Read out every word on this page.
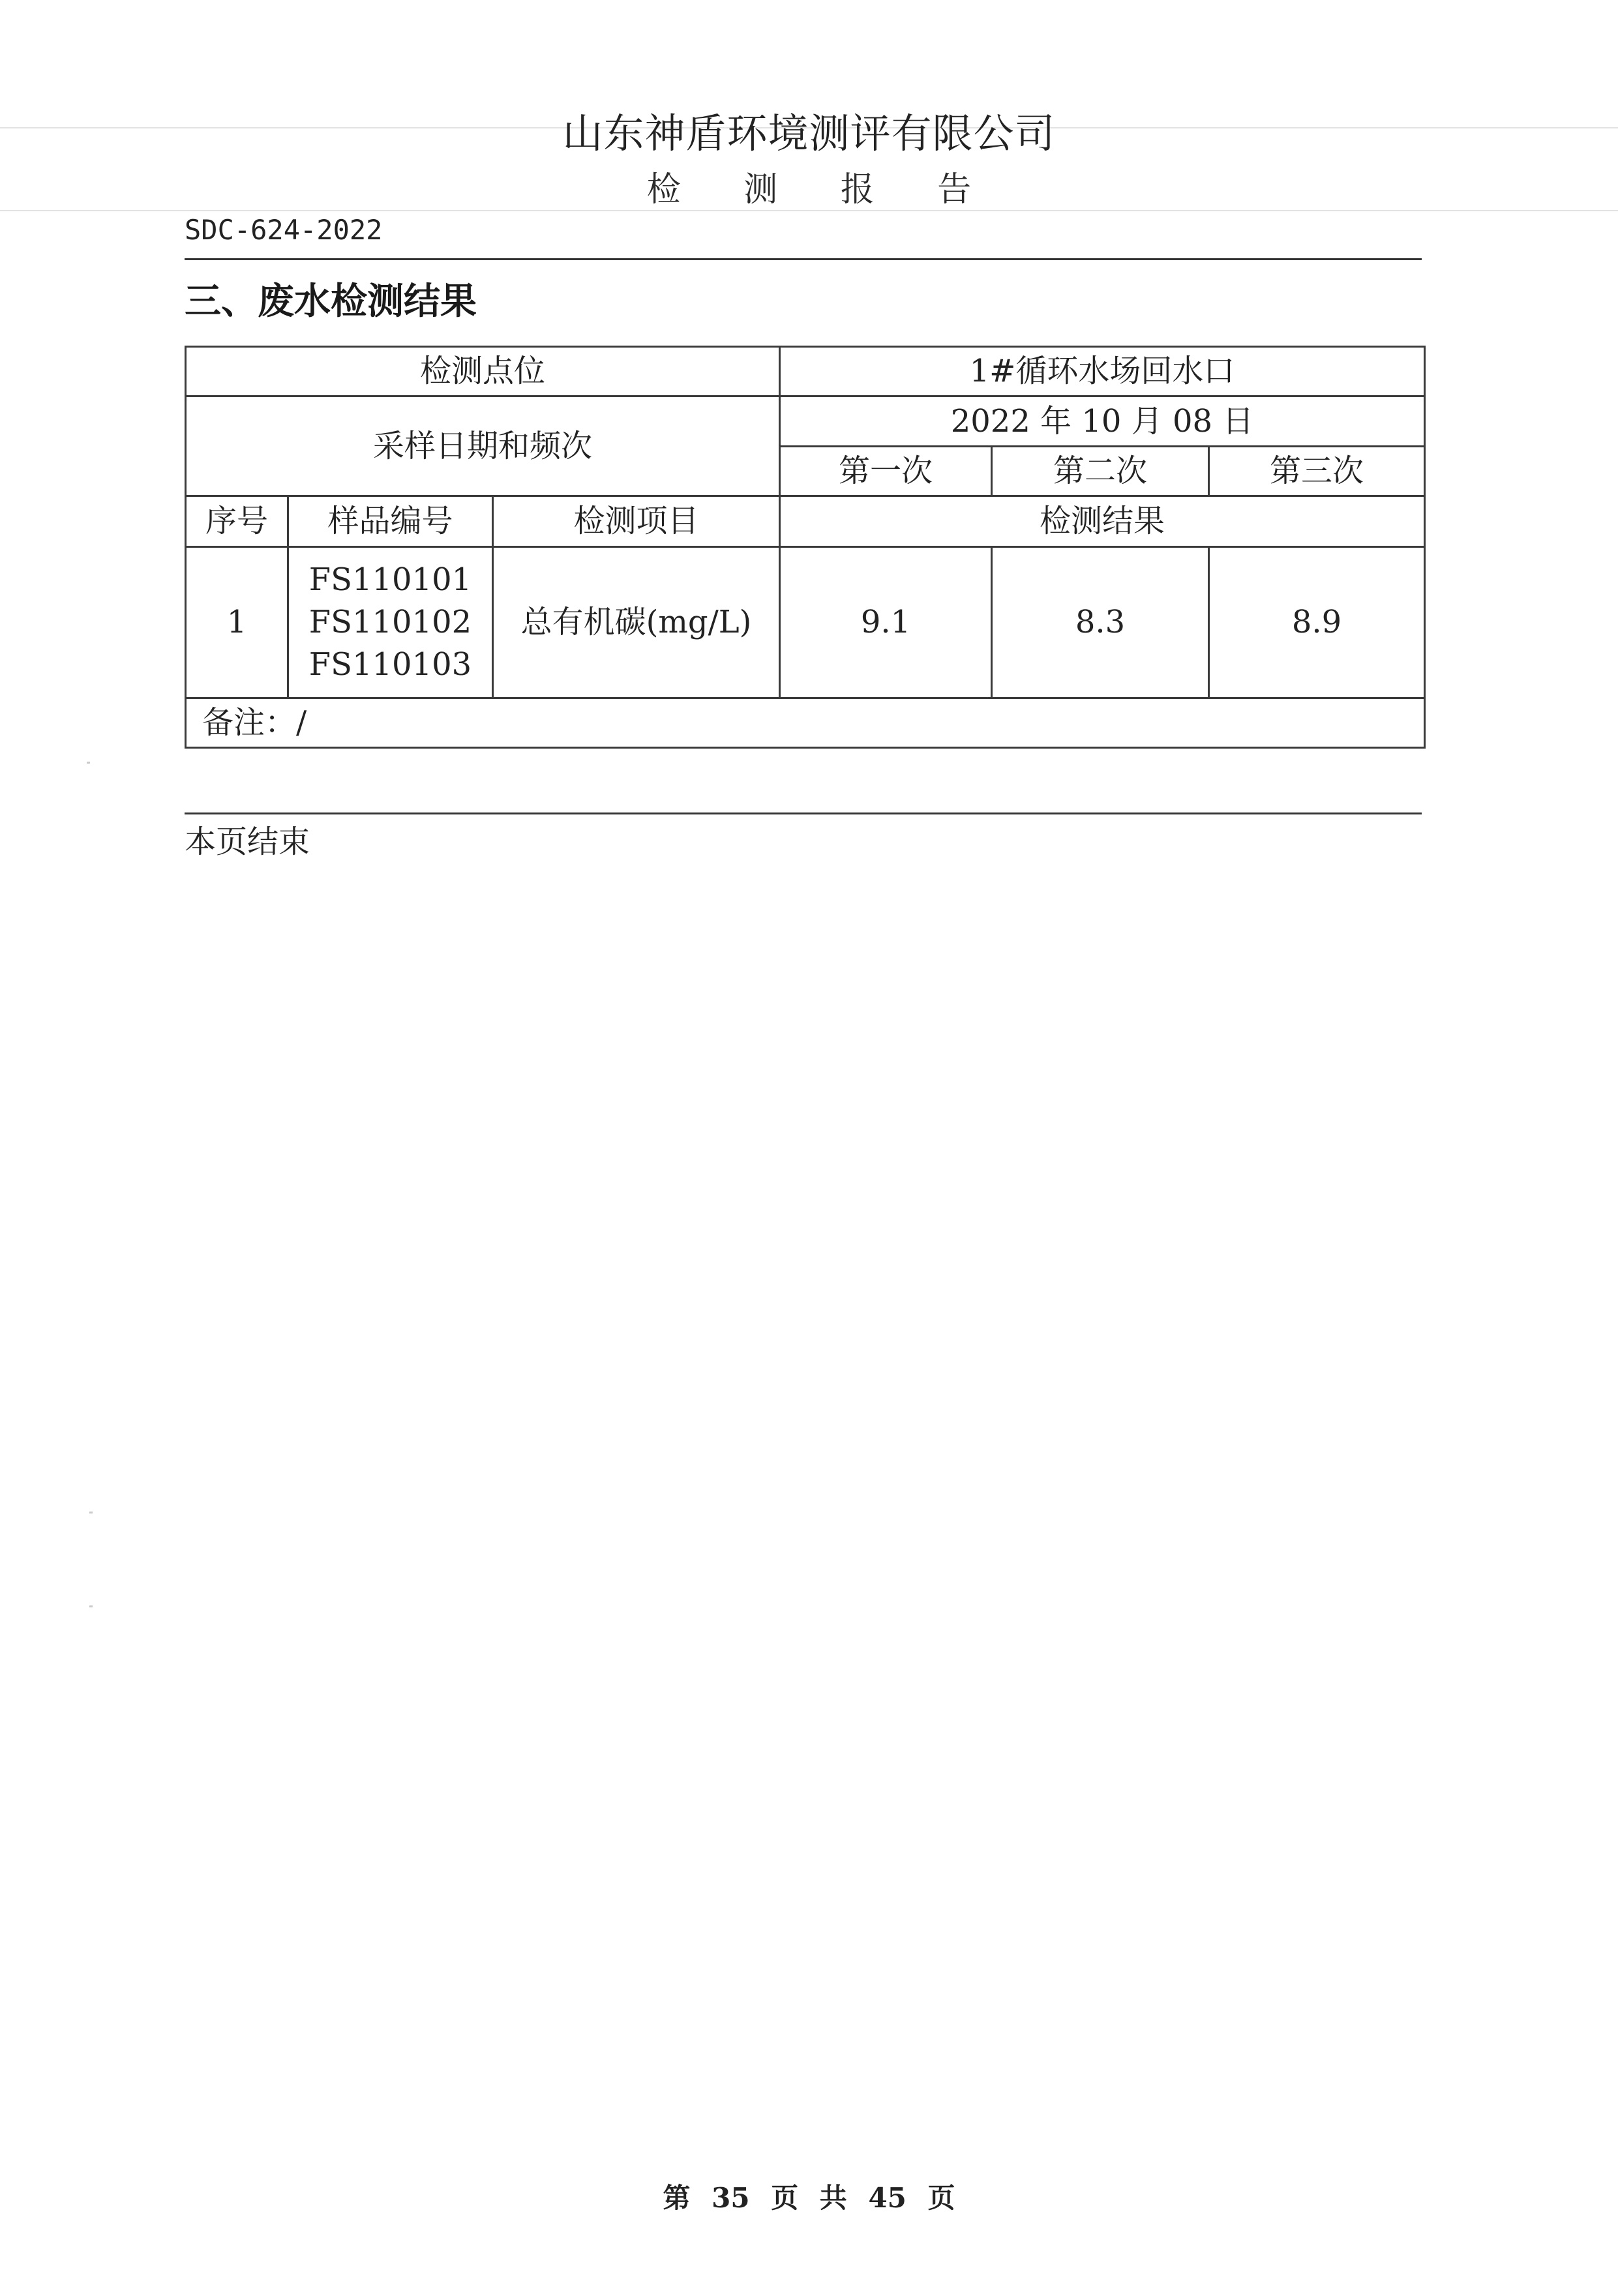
山东神盾环境测评有限公司
检 测 报 告
SDC-624-2022
三、废水检测结果
检测点位			1#循环水场回水口		
采样日期和频次			2022 年 10 月 08 日		
			第一次	第二次	第三次
序号	样品编号	检测项目	检测结果		
1	FS110101
FS110102
FS110103	总有机碳(mg/L)	9.1	8.3	8.9
备注：/					
本页结束
第 35 页 共 45 页
